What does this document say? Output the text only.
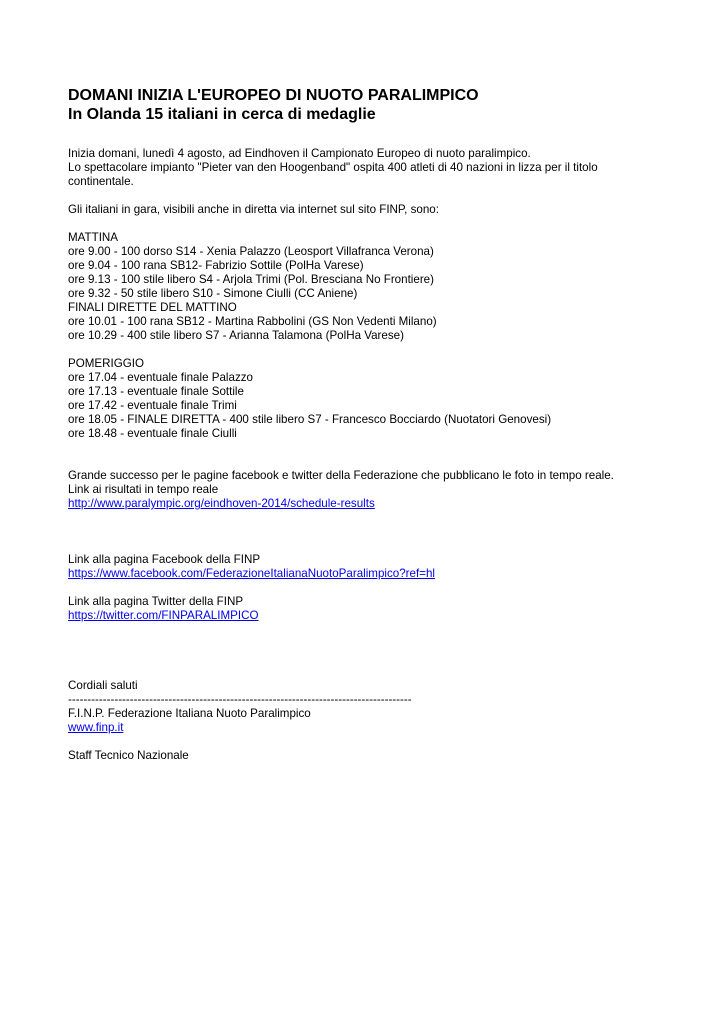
DOMANI INIZIA L'EUROPEO DI NUOTO PARALIMPICO
In Olanda 15 italiani in cerca di medaglie
Inizia domani, lunedì 4 agosto, ad Eindhoven il Campionato Europeo di nuoto paralimpico.
Lo spettacolare impianto "Pieter van den Hoogenband" ospita 400 atleti di 40 nazioni in lizza per il titolo continentale.
Gli italiani in gara, visibili anche in diretta via internet sul sito FINP, sono:
MATTINA
ore 9.00 - 100 dorso S14 - Xenia Palazzo (Leosport Villafranca Verona)
ore 9.04 - 100 rana SB12- Fabrizio Sottile (PolHa Varese)
ore 9.13 - 100 stile libero S4 - Arjola Trimi (Pol. Bresciana No Frontiere)
ore 9.32 - 50 stile libero S10 - Simone Ciulli (CC Aniene)
FINALI DIRETTE DEL MATTINO
ore 10.01 - 100 rana SB12 - Martina Rabbolini (GS Non Vedenti Milano)
ore 10.29 - 400 stile libero S7 - Arianna Talamona (PolHa Varese)
POMERIGGIO
ore 17.04 - eventuale finale Palazzo
ore 17.13 - eventuale finale Sottile
ore 17.42 - eventuale finale Trimi
ore 18.05 - FINALE DIRETTA - 400 stile libero S7 - Francesco Bocciardo (Nuotatori Genovesi)
ore 18.48 - eventuale finale Ciulli
Grande successo per le pagine facebook e twitter della Federazione che pubblicano le foto in tempo reale.
Link ai risultati in tempo reale
http://www.paralympic.org/eindhoven-2014/schedule-results
Link alla pagina Facebook della FINP
https://www.facebook.com/FederazioneItalianaNuotoParalimpico?ref=hl
Link alla pagina Twitter della FINP
https://twitter.com/FINPARALIMPICO
Cordiali saluti
-----------------------------------------------------------------------------------------
F.I.N.P. Federazione Italiana Nuoto Paralimpico
www.finp.it
Staff Tecnico Nazionale
